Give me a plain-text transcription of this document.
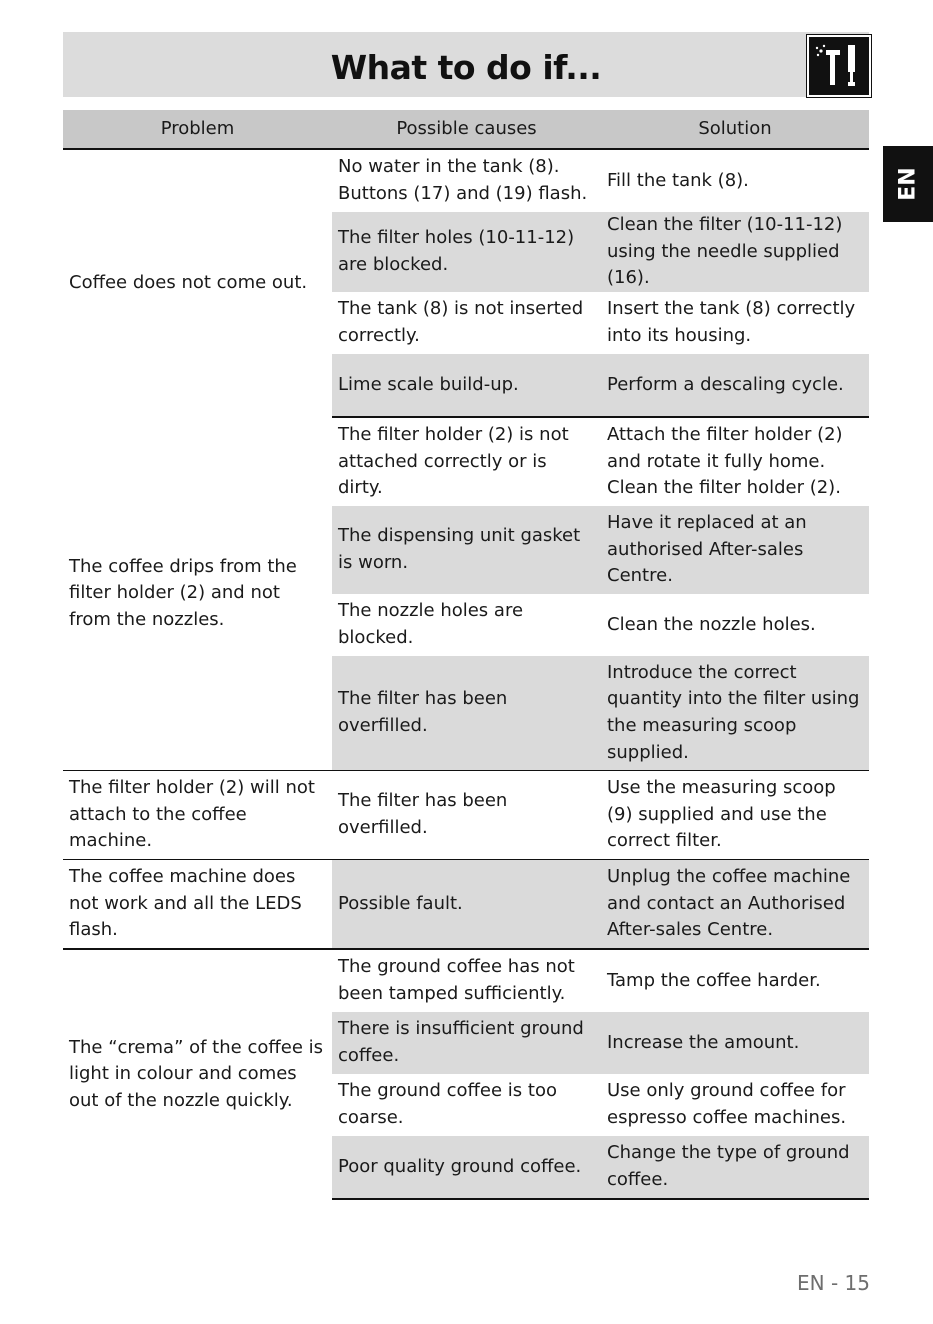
What to do if...
EN
Problem	Possible causes	Solution
Coffee does not come out.	No water in the tank (8). Buttons (17) and (19) flash.	Fill the tank (8).
	The filter holes (10-11-12) are blocked.	Clean the filter (10-11-12) using the needle supplied (16).
	The tank (8) is not inserted correctly.	Insert the tank (8) correctly into its housing.
	Lime scale build-up.	Perform a descaling cycle.
The coffee drips from the filter holder (2) and not from the nozzles.	The filter holder (2) is not attached correctly or is dirty.	Attach the filter holder (2) and rotate it fully home. Clean the filter holder (2).
	The dispensing unit gasket is worn.	Have it replaced at an authorised After-sales Centre.
	The nozzle holes are blocked.	Clean the nozzle holes.
	The filter has been overfilled.	Introduce the correct quantity into the filter using the measuring scoop supplied.
The filter holder (2) will not attach to the coffee machine.	The filter has been overfilled.	Use the measuring scoop (9) supplied and use the correct filter.
The coffee machine does not work and all the LEDS flash.	Possible fault.	Unplug the coffee machine and contact an Authorised After-sales Centre.
The “crema” of the coffee is light in colour and comes out of the nozzle quickly.	The ground coffee has not been tamped sufficiently.	Tamp the coffee harder.
	There is insufficient ground coffee.	Increase the amount.
	The ground coffee is too coarse.	Use only ground coffee for espresso coffee machines.
	Poor quality ground coffee.	Change the type of ground coffee.
EN - 15
